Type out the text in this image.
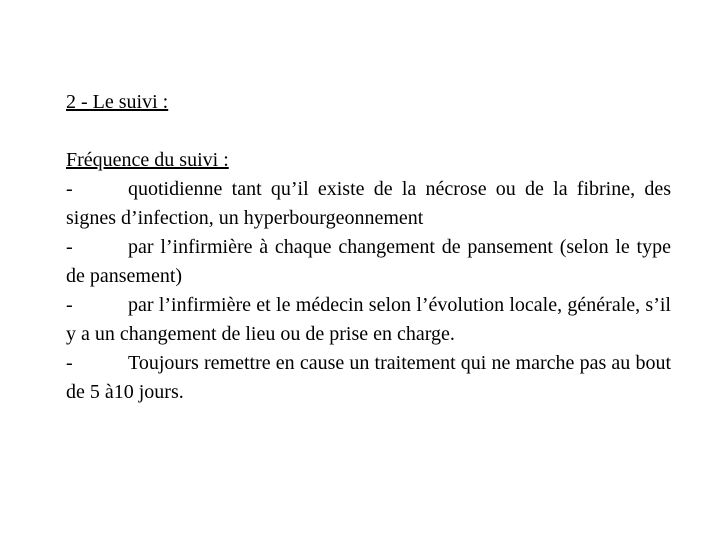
2 - Le suivi :

Fréquence du suivi :

-	quotidienne tant qu’il existe de la nécrose ou de la fibrine, des signes d’infection, un hyperbourgeonnement

-	par l’infirmière à chaque changement de pansement (selon le type de pansement)

-	par l’infirmière et le médecin selon l’évolution locale, générale, s’il y a un changement de lieu ou de prise en charge.

-	Toujours remettre en cause un traitement qui ne marche pas au bout de 5 à10 jours.
